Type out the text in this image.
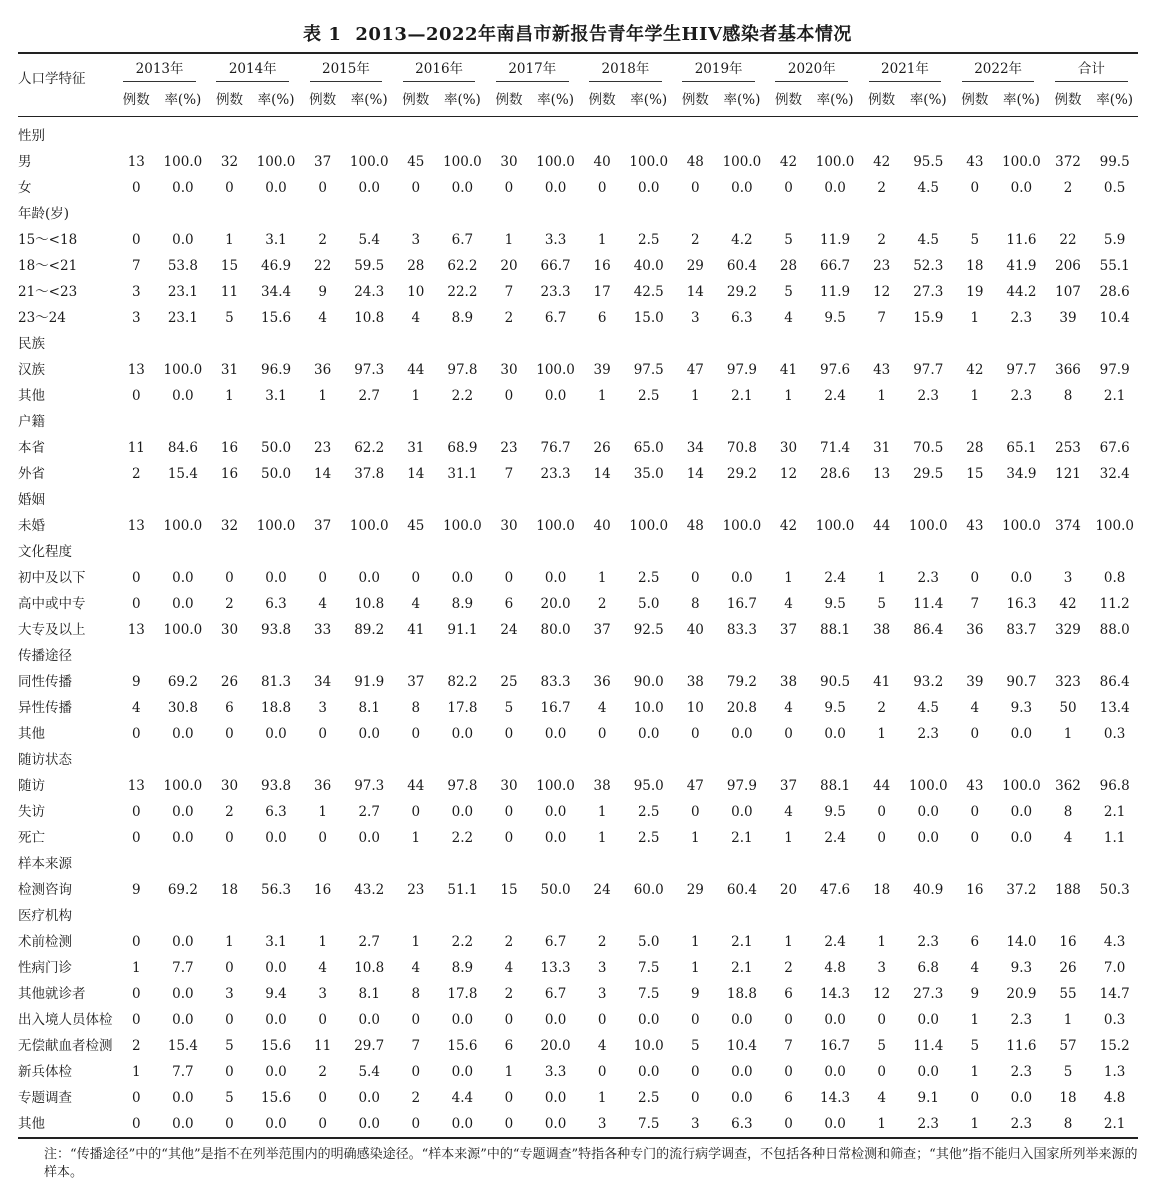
表 1 2013—2022年南昌市新报告青年学生HIV感染者基本情况
人口学特征	2013年		2014年		2015年		2016年		2017年		2018年		2019年		2020年		2021年		2022年		合计	
	例数	率(%)	例数	率(%)	例数	率(%)	例数	率(%)	例数	率(%)	例数	率(%)	例数	率(%)	例数	率(%)	例数	率(%)	例数	率(%)	例数	率(%)
性别																						
男	13	100.0	32	100.0	37	100.0	45	100.0	30	100.0	40	100.0	48	100.0	42	100.0	42	95.5	43	100.0	372	99.5
女	0	0.0	0	0.0	0	0.0	0	0.0	0	0.0	0	0.0	0	0.0	0	0.0	2	4.5	0	0.0	2	0.5
年龄(岁)																						
15～<18	0	0.0	1	3.1	2	5.4	3	6.7	1	3.3	1	2.5	2	4.2	5	11.9	2	4.5	5	11.6	22	5.9
18～<21	7	53.8	15	46.9	22	59.5	28	62.2	20	66.7	16	40.0	29	60.4	28	66.7	23	52.3	18	41.9	206	55.1
21～<23	3	23.1	11	34.4	9	24.3	10	22.2	7	23.3	17	42.5	14	29.2	5	11.9	12	27.3	19	44.2	107	28.6
23～24	3	23.1	5	15.6	4	10.8	4	8.9	2	6.7	6	15.0	3	6.3	4	9.5	7	15.9	1	2.3	39	10.4
民族																						
汉族	13	100.0	31	96.9	36	97.3	44	97.8	30	100.0	39	97.5	47	97.9	41	97.6	43	97.7	42	97.7	366	97.9
其他	0	0.0	1	3.1	1	2.7	1	2.2	0	0.0	1	2.5	1	2.1	1	2.4	1	2.3	1	2.3	8	2.1
户籍																						
本省	11	84.6	16	50.0	23	62.2	31	68.9	23	76.7	26	65.0	34	70.8	30	71.4	31	70.5	28	65.1	253	67.6
外省	2	15.4	16	50.0	14	37.8	14	31.1	7	23.3	14	35.0	14	29.2	12	28.6	13	29.5	15	34.9	121	32.4
婚姻																						
未婚	13	100.0	32	100.0	37	100.0	45	100.0	30	100.0	40	100.0	48	100.0	42	100.0	44	100.0	43	100.0	374	100.0
文化程度																						
初中及以下	0	0.0	0	0.0	0	0.0	0	0.0	0	0.0	1	2.5	0	0.0	1	2.4	1	2.3	0	0.0	3	0.8
高中或中专	0	0.0	2	6.3	4	10.8	4	8.9	6	20.0	2	5.0	8	16.7	4	9.5	5	11.4	7	16.3	42	11.2
大专及以上	13	100.0	30	93.8	33	89.2	41	91.1	24	80.0	37	92.5	40	83.3	37	88.1	38	86.4	36	83.7	329	88.0
传播途径																						
同性传播	9	69.2	26	81.3	34	91.9	37	82.2	25	83.3	36	90.0	38	79.2	38	90.5	41	93.2	39	90.7	323	86.4
异性传播	4	30.8	6	18.8	3	8.1	8	17.8	5	16.7	4	10.0	10	20.8	4	9.5	2	4.5	4	9.3	50	13.4
其他	0	0.0	0	0.0	0	0.0	0	0.0	0	0.0	0	0.0	0	0.0	0	0.0	1	2.3	0	0.0	1	0.3
随访状态																						
随访	13	100.0	30	93.8	36	97.3	44	97.8	30	100.0	38	95.0	47	97.9	37	88.1	44	100.0	43	100.0	362	96.8
失访	0	0.0	2	6.3	1	2.7	0	0.0	0	0.0	1	2.5	0	0.0	4	9.5	0	0.0	0	0.0	8	2.1
死亡	0	0.0	0	0.0	0	0.0	1	2.2	0	0.0	1	2.5	1	2.1	1	2.4	0	0.0	0	0.0	4	1.1
样本来源																						
检测咨询	9	69.2	18	56.3	16	43.2	23	51.1	15	50.0	24	60.0	29	60.4	20	47.6	18	40.9	16	37.2	188	50.3
医疗机构																						
术前检测	0	0.0	1	3.1	1	2.7	1	2.2	2	6.7	2	5.0	1	2.1	1	2.4	1	2.3	6	14.0	16	4.3
性病门诊	1	7.7	0	0.0	4	10.8	4	8.9	4	13.3	3	7.5	1	2.1	2	4.8	3	6.8	4	9.3	26	7.0
其他就诊者	0	0.0	3	9.4	3	8.1	8	17.8	2	6.7	3	7.5	9	18.8	6	14.3	12	27.3	9	20.9	55	14.7
出入境人员体检	0	0.0	0	0.0	0	0.0	0	0.0	0	0.0	0	0.0	0	0.0	0	0.0	0	0.0	1	2.3	1	0.3
无偿献血者检测	2	15.4	5	15.6	11	29.7	7	15.6	6	20.0	4	10.0	5	10.4	7	16.7	5	11.4	5	11.6	57	15.2
新兵体检	1	7.7	0	0.0	2	5.4	0	0.0	1	3.3	0	0.0	0	0.0	0	0.0	0	0.0	1	2.3	5	1.3
专题调查	0	0.0	5	15.6	0	0.0	2	4.4	0	0.0	1	2.5	0	0.0	6	14.3	4	9.1	0	0.0	18	4.8
其他	0	0.0	0	0.0	0	0.0	0	0.0	0	0.0	3	7.5	3	6.3	0	0.0	1	2.3	1	2.3	8	2.1
注：“传播途径”中的“其他”是指不在列举范围内的明确感染途径。“样本来源”中的“专题调查”特指各种专门的流行病学调查，不包括各种日常检测和筛查；“其他”指不能归入国家所列举来源的样本。
